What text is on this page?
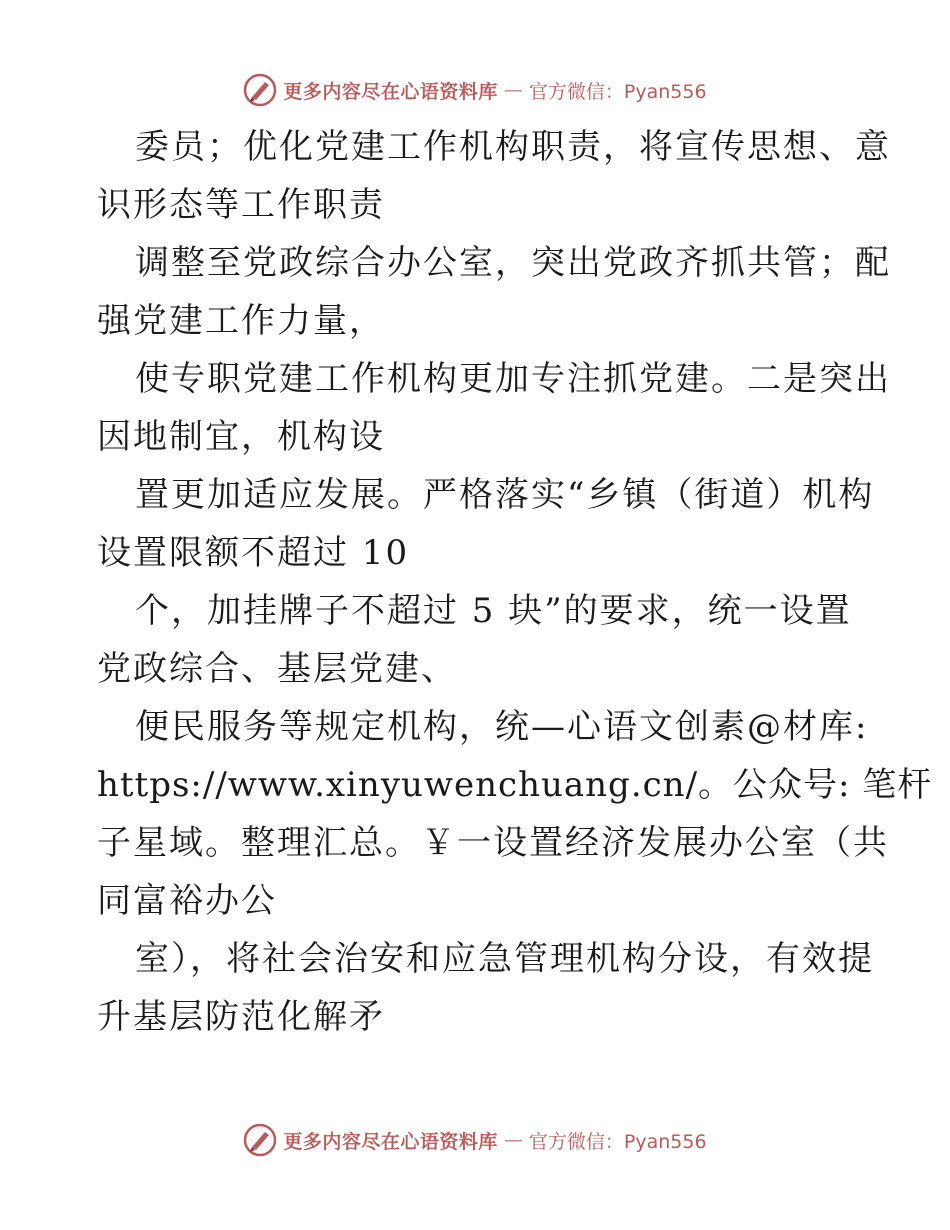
更多内容尽在心语资料库 — 官方微信：Pyan556
委员；优化党建工作机构职责，将宣传思想、意
识形态等工作职责
调整至党政综合办公室，突出党政齐抓共管；配
强党建工作力量，
使专职党建工作机构更加专注抓党建。二是突出
因地制宜，机构设
置更加适应发展。严格落实“乡镇（街道）机构
设置限额不超过 10
个，加挂牌子不超过 5 块”的要求，统一设置
党政综合、基层党建、
便民服务等规定机构，统—心语文创素@材库:
https://www.xinyuwenchuang.cn/。公众号: 笔杆
子星域。整理汇总。￥一设置经济发展办公室（共
同富裕办公
室），将社会治安和应急管理机构分设，有效提
升基层防范化解矛
更多内容尽在心语资料库 — 官方微信：Pyan556
